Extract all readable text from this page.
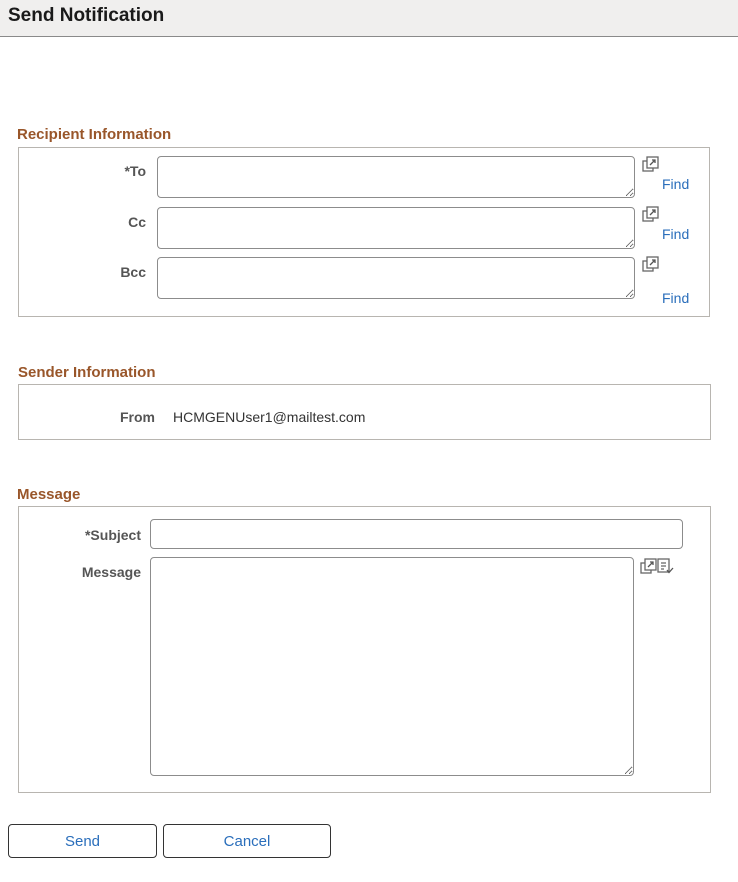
Send Notification
Recipient Information
*To
Find
Cc
Find
Bcc
Find
Sender Information
From HCMGENUser1@mailtest.com
Message
*Subject
Message
Send	Cancel
